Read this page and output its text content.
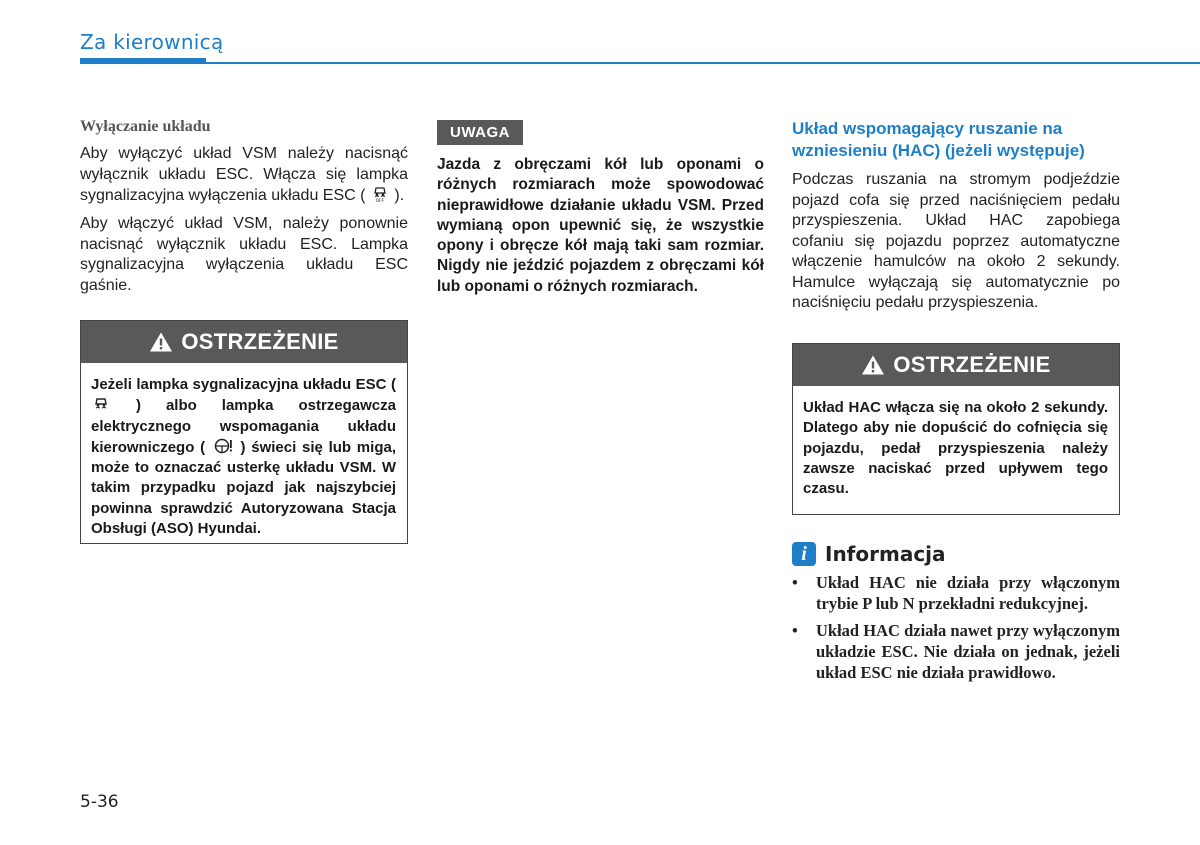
Za kierownicą
Wyłączanie układu
Aby wyłączyć układ VSM należy nacisnąć wyłącznik układu ESC. Włącza się lampka sygnalizacyjna wyłączenia układu ESC ( OFF ).
Aby włączyć układ VSM, należy ponownie nacisnąć wyłącznik układu ESC. Lampka sygnalizacyjna wyłączenia układu ESC gaśnie.
OSTRZEŻENIE
Jeżeli lampka sygnalizacyjna układu ESC (  ) albo lampka ostrzegawcza elektrycznego wspomagania układu kierowniczego (  ) świeci się lub miga, może to oznaczać usterkę układu VSM. W takim przypadku pojazd jak najszybciej powinna sprawdzić Autoryzowana Stacja Obsługi (ASO) Hyundai.
UWAGA
Jazda z obręczami kół lub oponami o różnych rozmiarach może spowodować nieprawidłowe działanie układu VSM. Przed wymianą opon upewnić się, że wszystkie opony i obręcze kół mają taki sam rozmiar. Nigdy nie jeździć pojazdem z obręczami kół lub oponami o różnych rozmiarach.
Układ wspomagający ruszanie na wzniesieniu (HAC) (jeżeli występuje)
Podczas ruszania na stromym podjeździe pojazd cofa się przed naciśnięciem pedału przyspieszenia. Układ HAC zapobiega cofaniu się pojazdu poprzez automatyczne włączenie hamulców na około 2 sekundy. Hamulce wyłączają się automatycznie po naciśnięciu pedału przyspieszenia.
OSTRZEŻENIE
Układ HAC włącza się na około 2 sekundy. Dlatego aby nie dopuścić do cofnięcia się pojazdu, pedał przyspieszenia należy zawsze naciskać przed upływem tego czasu.
i Informacja
• Układ HAC nie działa przy włączonym trybie P lub N przekładni redukcyjnej.
• Układ HAC działa nawet przy wyłączonym układzie ESC. Nie działa on jednak, jeżeli układ ESC nie działa prawidłowo.
5-36
